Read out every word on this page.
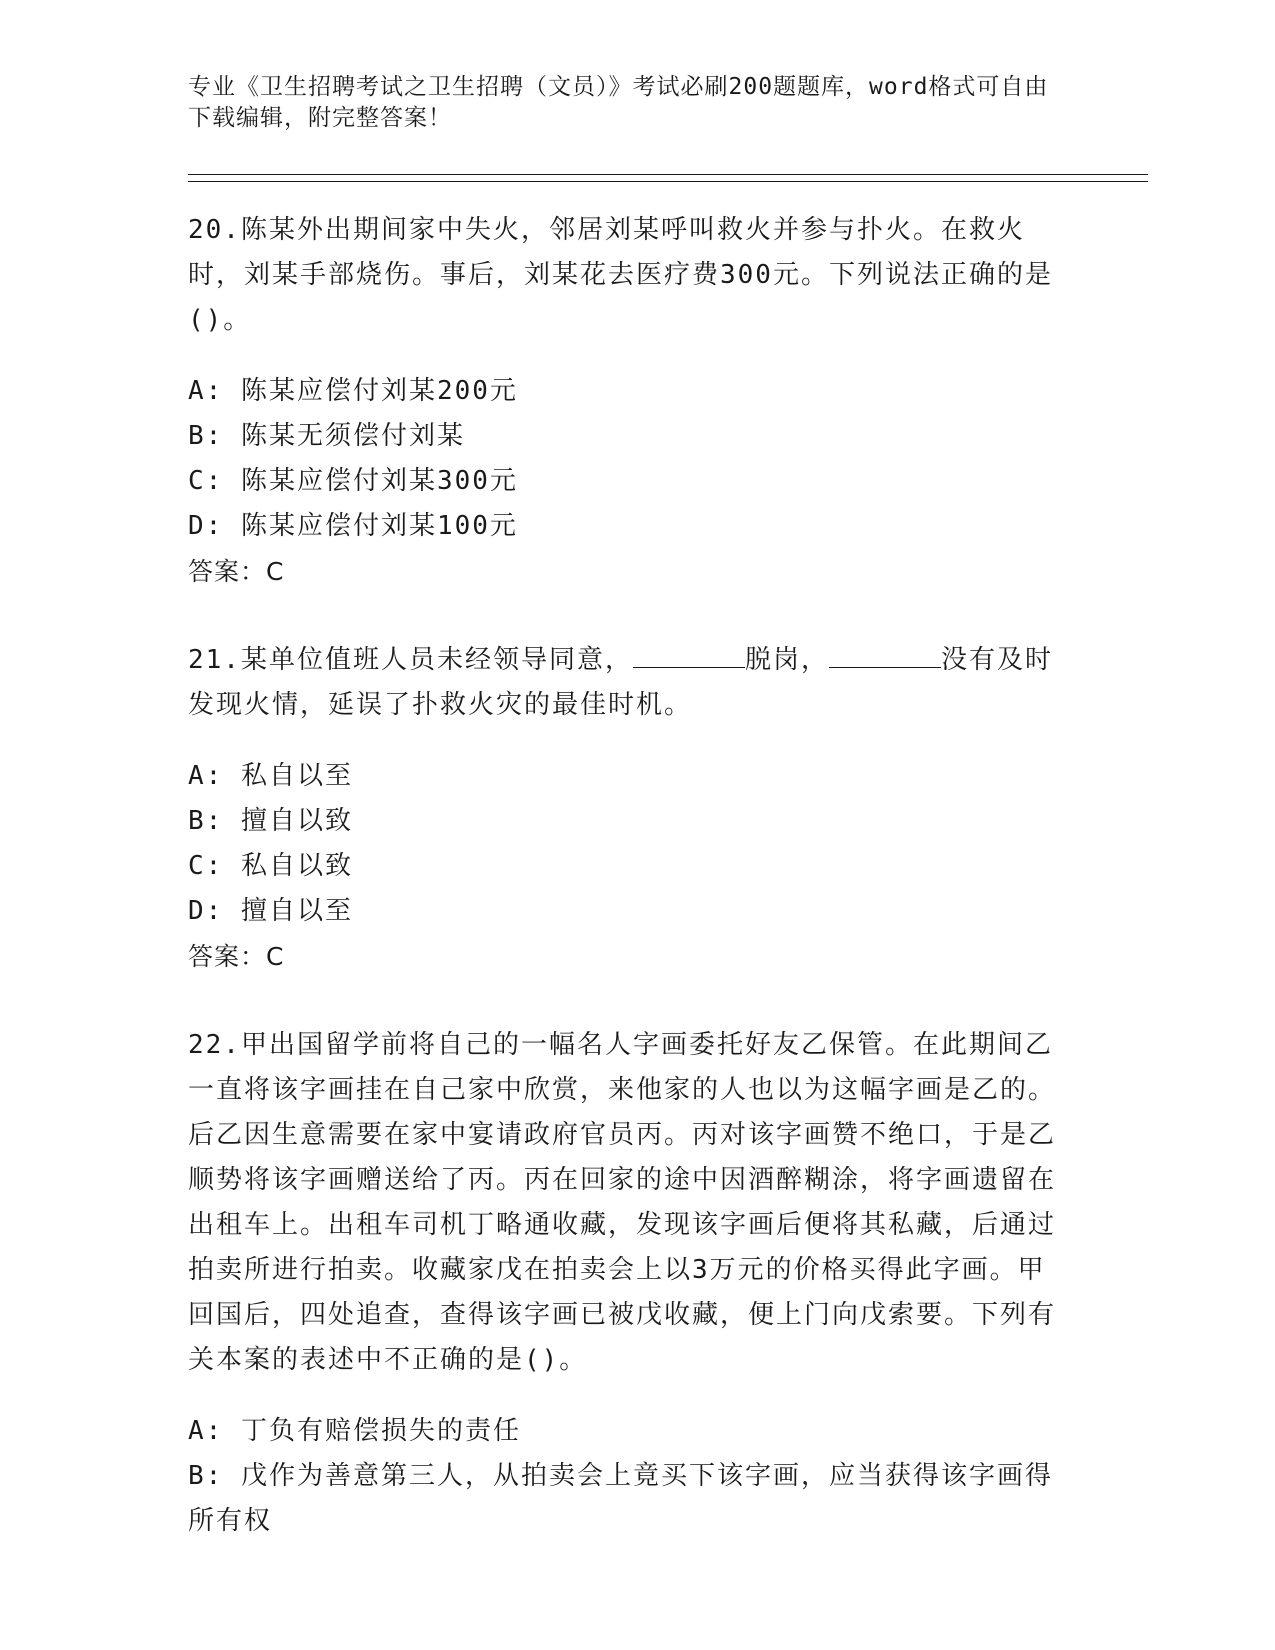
专业《卫生招聘考试之卫生招聘（文员）》考试必刷200题题库，word格式可自由下载编辑，附完整答案！

20.陈某外出期间家中失火，邻居刘某呼叫救火并参与扑火。在救火时，刘某手部烧伤。事后，刘某花去医疗费300元。下列说法正确的是()。

A: 陈某应偿付刘某200元

B: 陈某无须偿付刘某

C: 陈某应偿付刘某300元

D: 陈某应偿付刘某100元

答案：C

21.某单位值班人员未经领导同意，	脱岗，	没有及时发现火情，延误了扑救火灾的最佳时机。

A: 私自以至

B: 擅自以致

C: 私自以致

D: 擅自以至

答案：C

22.甲出国留学前将自己的一幅名人字画委托好友乙保管。在此期间乙一直将该字画挂在自己家中欣赏，来他家的人也以为这幅字画是乙的。后乙因生意需要在家中宴请政府官员丙。丙对该字画赞不绝口，于是乙顺势将该字画赠送给了丙。丙在回家的途中因酒醉糊涂，将字画遗留在出租车上。出租车司机丁略通收藏，发现该字画后便将其私藏，后通过拍卖所进行拍卖。收藏家戊在拍卖会上以3万元的价格买得此字画。甲回国后，四处追查，查得该字画已被戊收藏，便上门向戊索要。下列有关本案的表述中不正确的是()。

A: 丁负有赔偿损失的责任

B: 戊作为善意第三人，从拍卖会上竟买下该字画，应当获得该字画得所有权
